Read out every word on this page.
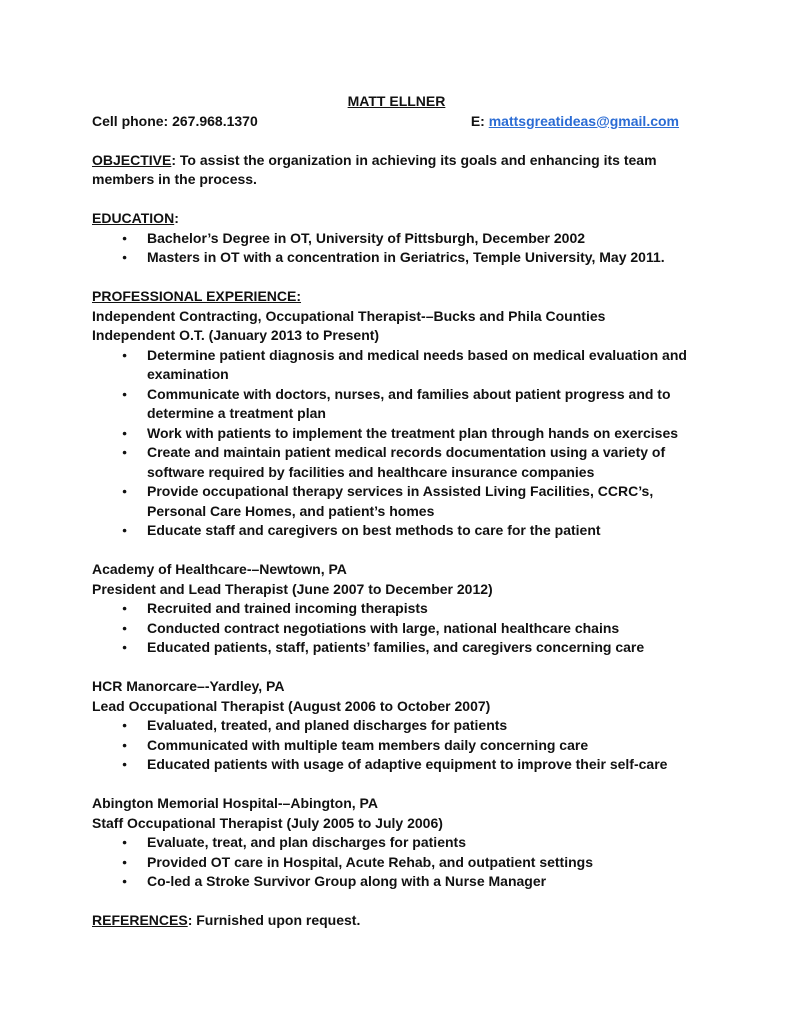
MATT ELLNER

Cell phone: 267.968.1370	E: mattsgreatideas@gmail.com

OBJECTIVE: To assist the organization in achieving its goals and enhancing its team members in the process.

EDUCATION:

●
Bachelor’s Degree in OT, University of Pittsburgh, December 2002
●
Masters in OT with a concentration in Geriatrics, Temple University, May 2011.

PROFESSIONAL EXPERIENCE:

Independent Contracting, Occupational Therapist-–Bucks and Phila Counties

Independent O.T. (January 2013 to Present)

●
Determine patient diagnosis and medical needs based on medical evaluation and examination
●
Communicate with doctors, nurses, and families about patient progress and to determine a treatment plan
●
Work with patients to implement the treatment plan through hands on exercises
●
Create and maintain patient medical records documentation using a variety of software required by facilities and healthcare insurance companies
●
Provide occupational therapy services in Assisted Living Facilities, CCRC’s, Personal Care Homes, and patient’s homes
●
Educate staff and caregivers on best methods to care for the patient

Academy of Healthcare-–Newtown, PA

President and Lead Therapist (June 2007 to December 2012)

●
Recruited and trained incoming therapists
●
Conducted contract negotiations with large, national healthcare chains
●
Educated patients, staff, patients’ families, and caregivers concerning care

HCR Manorcare–-Yardley, PA

Lead Occupational Therapist (August 2006 to October 2007)

●
Evaluated, treated, and planed discharges for patients
●
Communicated with multiple team members daily concerning care
●
Educated patients with usage of adaptive equipment to improve their self-care

Abington Memorial Hospital-–Abington, PA

Staff Occupational Therapist (July 2005 to July 2006)

●
Evaluate, treat, and plan discharges for patients
●
Provided OT care in Hospital, Acute Rehab, and outpatient settings
●
Co-led a Stroke Survivor Group along with a Nurse Manager

REFERENCES: Furnished upon request.
